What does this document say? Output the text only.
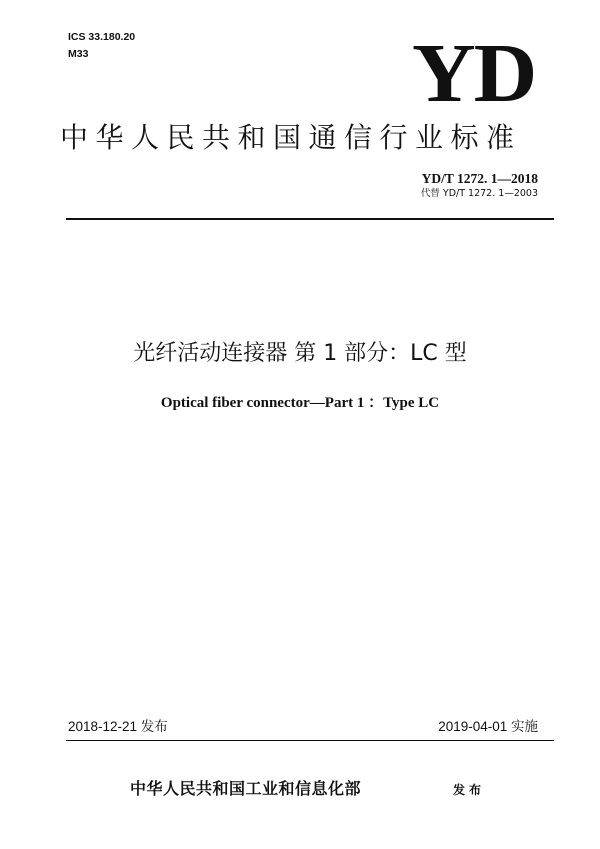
ICS 33.180.20
M33	YD
中华人民共和国通信行业标准
YD/T 1272. 1—2018
代替 YD/T 1272. 1—2003
光纤活动连接器 第 1 部分：LC 型
Optical fiber connector—Part 1 ：Type LC
2018-12-21 发布	2019-04-01 实施
中华人民共和国工业和信息化部	发布
